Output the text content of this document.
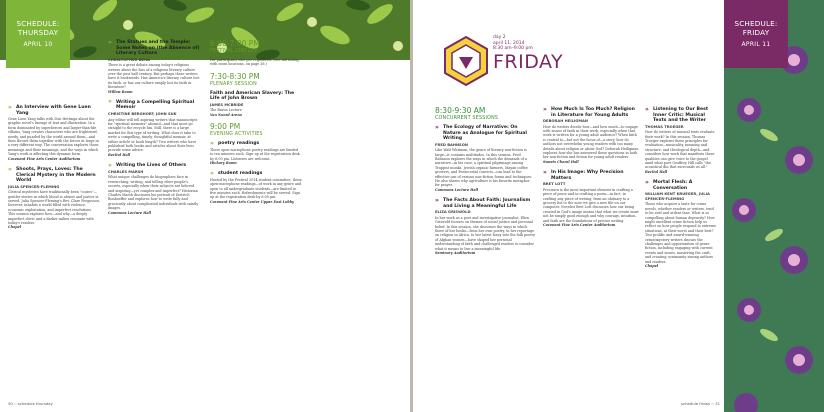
SCHEDULE:
THURSDAY
APRIL 10
» An Interview with Gene Luen Yang
Gene Luen Yang talks with Don Hettinga about the graphic novel's lineage of text and illustration. In a form dominated by superheroes and larger-than-life villains, Yang creates characters who are frightened, needy, and puzzled by the world around them—and then throws them together with the forces at large in a very different way. The conversation explores those meanings and their meanings, and the ways in which Yang's work is affecting this dynamic form.
Covenant Fine Arts Center Auditorium
» Shoots, Prays, Loves: The Clerical Mystery in the Modern World
JULIA SPENCER-FLEMING
Clerical mysteries have traditionally been "cozies"—gentler stories in which blood is absent and justice is served. Julia Spencer-Fleming's Rev. Clare Fergusson, however, inhabits a world filled with violence, economic exploitation, and imperfect resolutions. This session explores how—and why—a deeply imperfect cleric and a darker milieu resonate with today's readers.
Chapel
» The Statues and the Temple: Some Notes on (the Absence of) Literary Culture
CHRISTOPHER BEHA
There is a great debate among today's religious writers about the loss of a religious literary culture over the past half century. But perhaps these writers have it backwards. Has America's literary culture lost its faith, or has our culture simply lost its faith in literature?
Willow Room
» Writing a Compelling Spiritual Memoir
CHRISTINE BERGHOEF, JOHN SUK
Any editor will tell aspiring writers that manuscripts for "spiritual memoirs" abound—and that most go straight to the recycle bin. Still, there is a large market for this type of writing. What does it take to write a compelling, timely, thoughtful memoir, at either article or book length? Two writers who have published both books and articles about their lives provide some advice.
Recital Hall
» Writing the Lives of Others
CHARLES MARSH
What unique challenges do biographers face in researching, writing, and telling other people's secrets, especially when their subjects are beloved and inspiring—yet complex and imperfect? Historian Charles Marsh discusses his portrait of Dietrich Bonhoeffer and explores how to write fully and graciously about complicated individuals with saintly images.
Commons Lecture Hall
6:00-7:00 PM
FESTIVAL CIRCLES
For participants who pre-registered. (See full listing, with room locations, on page 26.)
7:30-8:30 PM
PLENARY SESSION
Faith and American Slavery: The Life of John Brown
JAMES MCBRIDE
The Baron Lecture
Van Noord Arena
9:00 PM
EVENING ACTIVITIES
» poetry readings
These open-microphone poetry readings are limited to ten minutes each. Sign up at the registration desk by 6:00 pm. Listeners are welcome.
Hickory Room
» student readings
Hosted by the Festival 2014 student committee, these open-microphone readings—of work in any genre and open to all undergraduate students—are limited to five minutes each. Refreshments will be served. Sign up at the registration desk by 6:00 pm.
Covenant Fine Arts Center Upper East Lobby
30 :: schedule thursday
SCHEDULE:
FRIDAY
APRIL 11
day 2
april 11, 2014
8:30 am–9:00 pm
FRIDAY
8:30-9:30 AM
CONCURRENT SESSIONS
» The Ecology of Narrative: On Nature as Analogue for Spiritual Writing
FRED BAHNSON
Like Walt Whitman, the genre of literary non-fiction is large—it contains multitudes. In this session, Fred Bahnson explores the ways in which the demands of a narrative—in his case, a spiritual pilgrimage among Trappist monks, Jewish organic farmers, Mayan coffee growers, and Pentecostal convicts—can lead to the effective use of various non-fiction forms and techniques. He also shares why agriculture is his favorite metaphor for prayer.
Commons Lecture Hall
» The Facts About Faith: Journalism and Living a Meaningful Life
ELIZA GRISWOLD
In her work as a poet and investigative journalist, Eliza Griswold focuses on themes of social justice and personal belief. In this session, she discusses the ways in which three of her books—from her own poetry, to her reportage on religion in Africa, to her latest foray into the folk poetry of Afghan women—have shaped her personal understanding of faith and challenged readers to consider what it means to live a meaningful life.
Seminary Auditorium
» How Much Is Too Much? Religion in Literature for Young Adults
DEBORAH HEILIGMAN
How do writers decide how—and how much—to engage with issues of faith in their work, especially when that work is written for a young adult audience? When faith is central to—but not the focus of—a story, how do authors not overwhelm young readers with too many details about religion or about God? Deborah Heiligman explores how she has answered these questions in both her non-fiction and fiction for young adult readers.
Sweets Choral Hall
» In His Image: Why Precision Matters
BRET LOTT
Precision is the most important element in crafting a piece of prose and in crafting a poem—in fact, in crafting any piece of writing, from an obituary to a grocery list to the note we give a new file on our computer. Novelist Bret Lott discusses how our being created in God's image means that what we create must not be simply good enough and why courage, intuition, and faith are the foundations of precise writing.
Covenant Fine Arts Center Auditorium
» Listening to Our Best Inner Critic: Musical Texts and the Writer
THOMAS TROEGER
How do writers of musical texts evaluate their work? In this session, Thomas Troeger explores three principles for evaluation—musicality, meaning and structure, and theological depth—and considers how work that manifests these qualities can give voice to the gospel amid what poet Geoffrey Hill calls "the acoustical din that surrounds us all."
Recital Hall
» Mortal Flesh: A Conversation
WILLIAM KENT KRUEGER, JULIA SPENCER-FLEMING
Those who acquire a taste for crime novels, whether readers or writers, tend to be avid and ardent fans. What is so compelling about human depravity? How might excellent crime fiction help us reflect on how people respond to extreme situations, at their worst and their best? Two prolific and award-winning crime/mystery writers discuss the challenges and opportunities of genre fiction, including engaging with current events and issues, mastering the craft, and creating community among authors and readers.
Chapel
schedule friday :: 31
